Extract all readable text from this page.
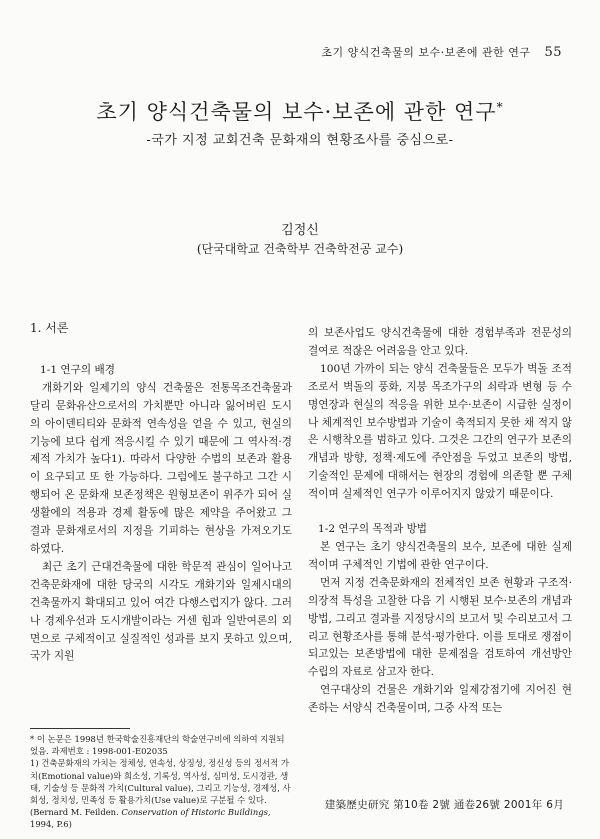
초기 양식건축물의 보수·보존에 관한 연구 55
초기 양식건축물의 보수·보존에 관한 연구*
-국가 지정 교회건축 문화재의 현황조사를 중심으로-
김정신
(단국대학교 건축학부 건축학전공 교수)

1. 서론

1-1 연구의 배경

개화기와 일제기의 양식 건축물은 전통목조건축물과 달리 문화유산으로서의 가치뿐만 아니라 잃어버린 도시의 아이덴티티와 문화적 연속성을 얻을 수 있고, 현실의 기능에 보다 쉽게 적응시킬 수 있기 때문에 그 역사적·경제적 가치가 높다1). 따라서 다양한 수법의 보존과 활용이 요구되고 또 한 가능하다. 그럼에도 불구하고 그간 시행되어 온 문화재 보존정책은 원형보존이 위주가 되어 실생활에의 적용과 경제 활동에 많은 제약을 주어왔고 그 결과 문화재로서의 지정을 기피하는 현상을 가져오기도 하였다.

최근 초기 근대건축물에 대한 학문적 관심이 일어나고 건축문화재에 대한 당국의 시각도 개화기와 일제시대의 건축물까지 확대되고 있어 여간 다행스럽지가 않다. 그러나 경제우선과 도시개발이라는 거센 힘과 일반여론의 외면으로 구체적이고 실질적인 성과를 보지 못하고 있으며, 국가 지원

* 이 논문은 1998년 한국학술진흥재단의 학술연구비에 의하여 지원되었음. 과제번호 : 1998-001-E02035

1) 건축문화재의 가치는 정체성, 연속성, 상징성, 정신성 등의 정서적 가치(Emotional value)와 희소성, 기록성, 역사성, 심미성, 도시경관, 생태, 기술성 등 문화적 가치(Cultural value), 그리고 기능성, 경제성, 사회성, 정치성, 민족성 등 활용가치(Use value)로 구분될 수 있다. (Bernard M. Feilden. Conservation of Historic Buildings, 1994, P.6)

의 보존사업도 양식건축물에 대한 경험부족과 전문성의 결여로 적잖은 어려움을 안고 있다.

100년 가까이 되는 양식 건축물들은 모두가 벽돌 조적조로서 벽돌의 풍화, 지붕 목조가구의 쇠락과 변형 등 수명연장과 현실의 적응을 위한 보수·보존이 시급한 실정이나 체계적인 보수방법과 기술이 축적되지 못한 채 적지 않은 시행착오를 범하고 있다. 그것은 그간의 연구가 보존의 개념과 방향, 정책·제도에 주안점을 두었고 보존의 방법, 기술적인 문제에 대해서는 현장의 경험에 의존할 뿐 구체적이며 실제적인 연구가 이루어지지 않았기 때문이다.

1-2 연구의 목적과 방법

본 연구는 초기 양식건축물의 보수, 보존에 대한 실제적이며 구체적인 기법에 관한 연구이다.

먼저 지정 건축문화재의 전체적인 보존 현황과 구조적·의장적 특성을 고찰한 다음 기 시행된 보수·보존의 개념과 방법, 그리고 결과를 지정당시의 보고서 및 수리보고서 그리고 현황조사를 통해 분석·평가한다. 이를 토대로 쟁점이 되고있는 보존방법에 대한 문제점을 검토하여 개선방안 수립의 자료로 삼고자 한다.

연구대상의 건물은 개화기와 일제강점기에 지어진 현존하는 서양식 건축물이며, 그중 사적 또는

建築歷史研究 第10卷 2號 通卷26號 2001年 6月
